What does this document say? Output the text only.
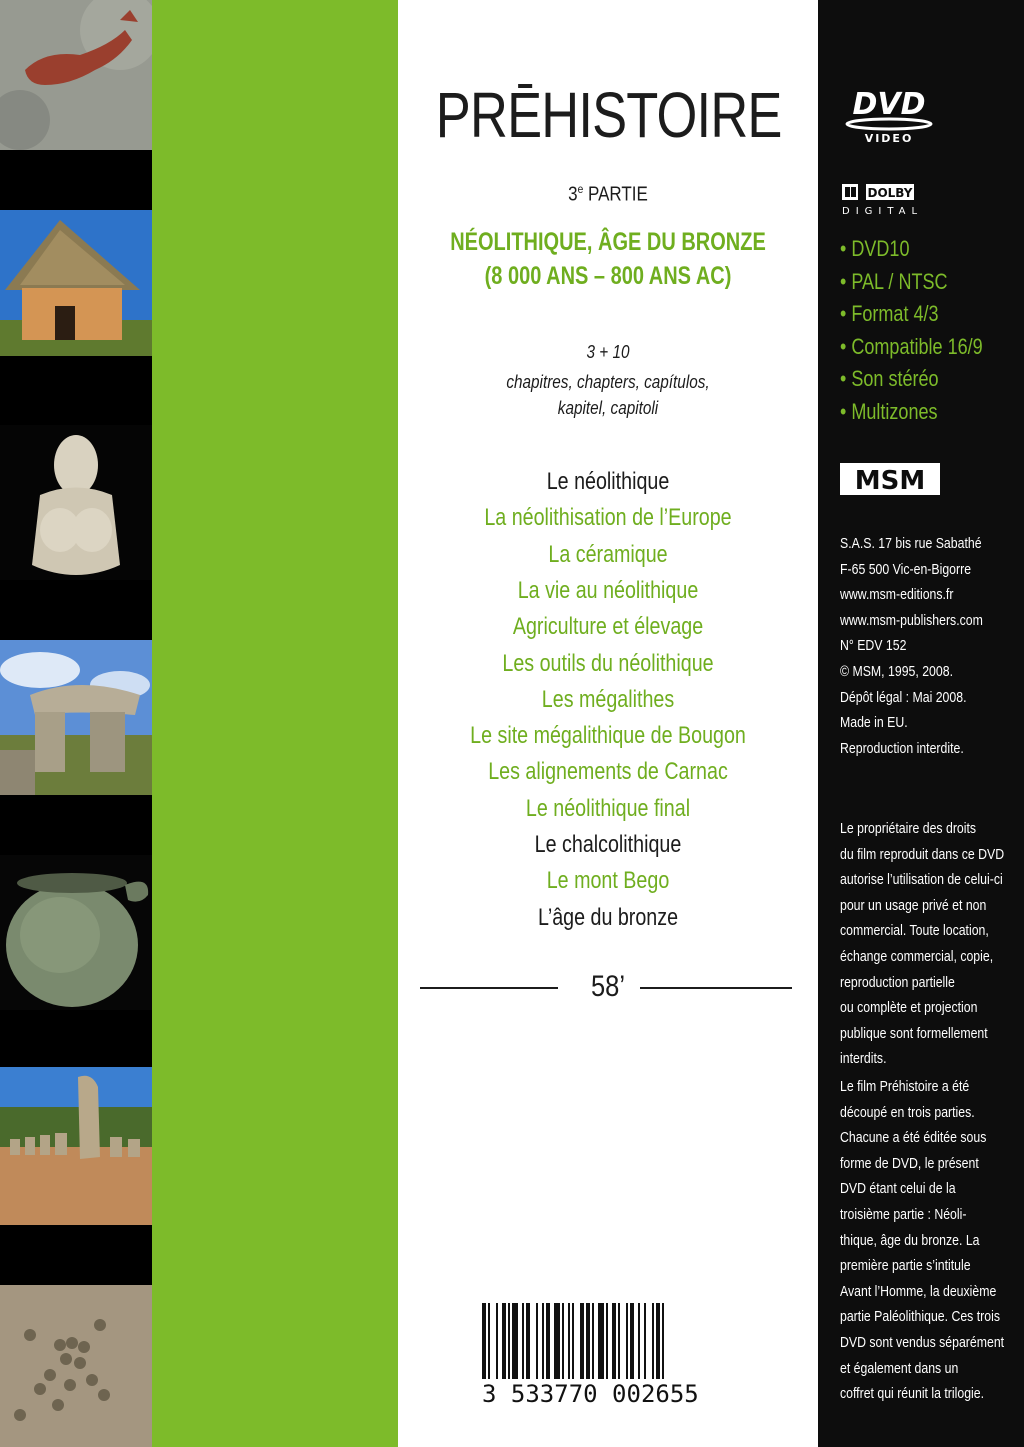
PRĒHISTOIRE
3e PARTIE
NÉOLITHIQUE, ÂGE DU BRONZE
(8 000 ANS – 800 ANS AC)
3 + 10
chapitres, chapters, capítulos,
kapitel, capitoli
Le néolithique
La néolithisation de l’Europe
La céramique
La vie au néolithique
Agriculture et élevage
Les outils du néolithique
Les mégalithes
Le site mégalithique de Bougon
Les alignements de Carnac
Le néolithique final
Le chalcolithique
Le mont Bego
L’âge du bronze
58’
3 533770 002655
DVD
VIDEO
DOLBY
DIGITAL
• DVD10
• PAL / NTSC
• Format 4/3
• Compatible 16/9
• Son stéréo
• Multizones
MSM
S.A.S. 17 bis rue Sabathé
F-65 500 Vic-en-Bigorre
www.msm-editions.fr
www.msm-publishers.com
N° EDV 152
© MSM, 1995, 2008.
Dépôt légal : Mai 2008.
Made in EU.
Reproduction interdite.
Le propriétaire des droits
du film reproduit dans ce DVD
autorise l’utilisation de celui-ci
pour un usage privé et non
commercial. Toute location,
échange commercial, copie,
reproduction partielle
ou complète et projection
publique sont formellement
interdits.
Le film Préhistoire a été
découpé en trois parties.
Chacune a été éditée sous
forme de DVD, le présent
DVD étant celui de la
troisième partie : Néoli-
thique, âge du bronze. La
première partie s’intitule
Avant l’Homme, la deuxième
partie Paléolithique. Ces trois
DVD sont vendus séparément
et également dans un
coffret qui réunit la trilogie.
